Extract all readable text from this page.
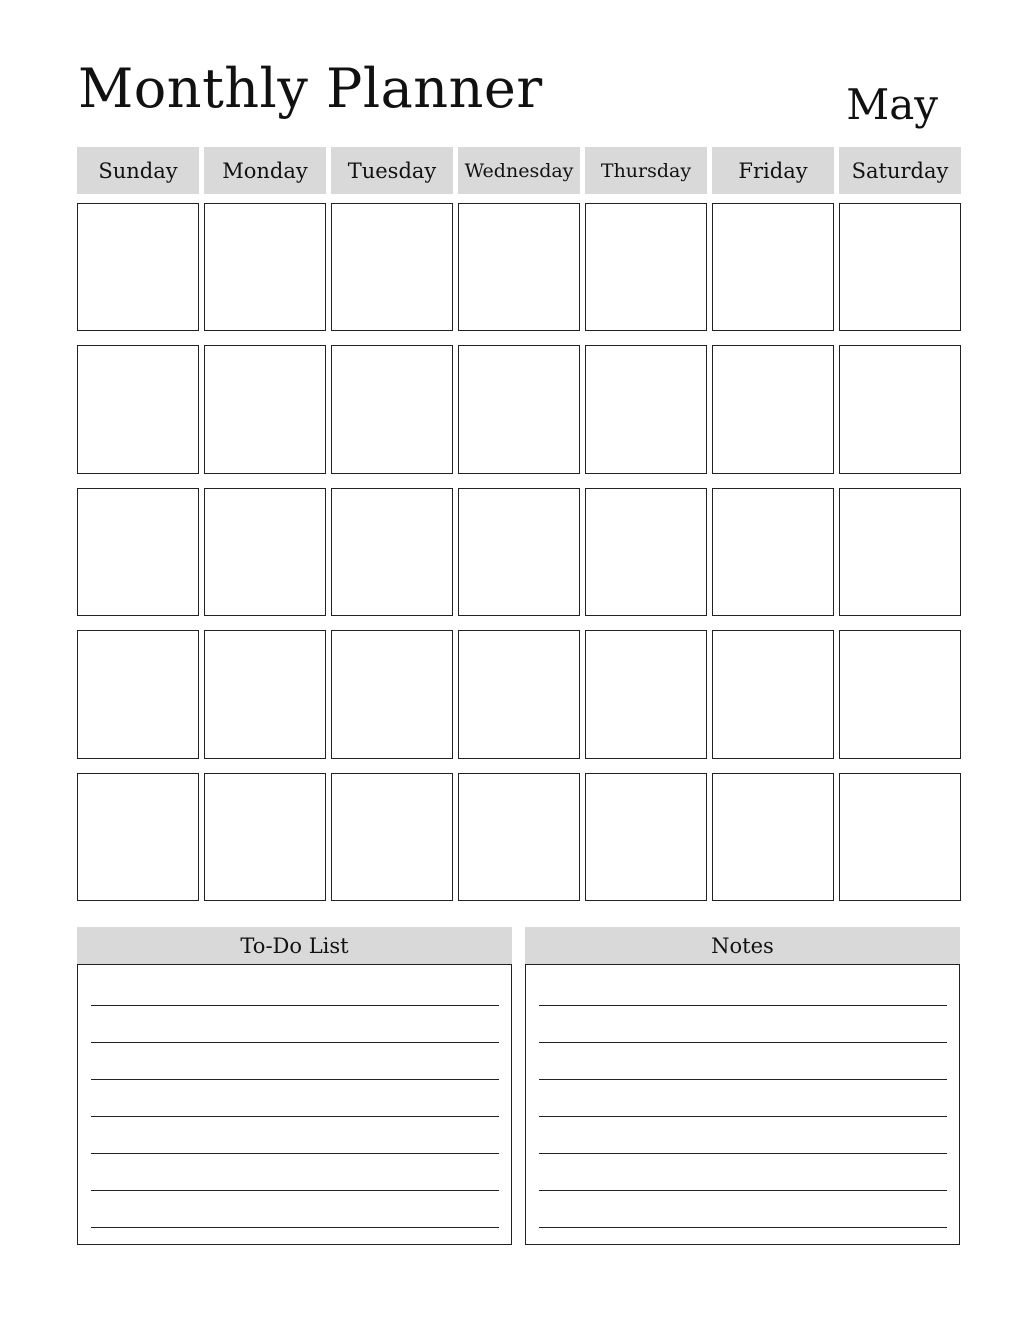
Monthly Planner	May
Sunday	Monday	Tuesday	Wednesday	Thursday	Friday	Saturday
To-Do List	Notes
